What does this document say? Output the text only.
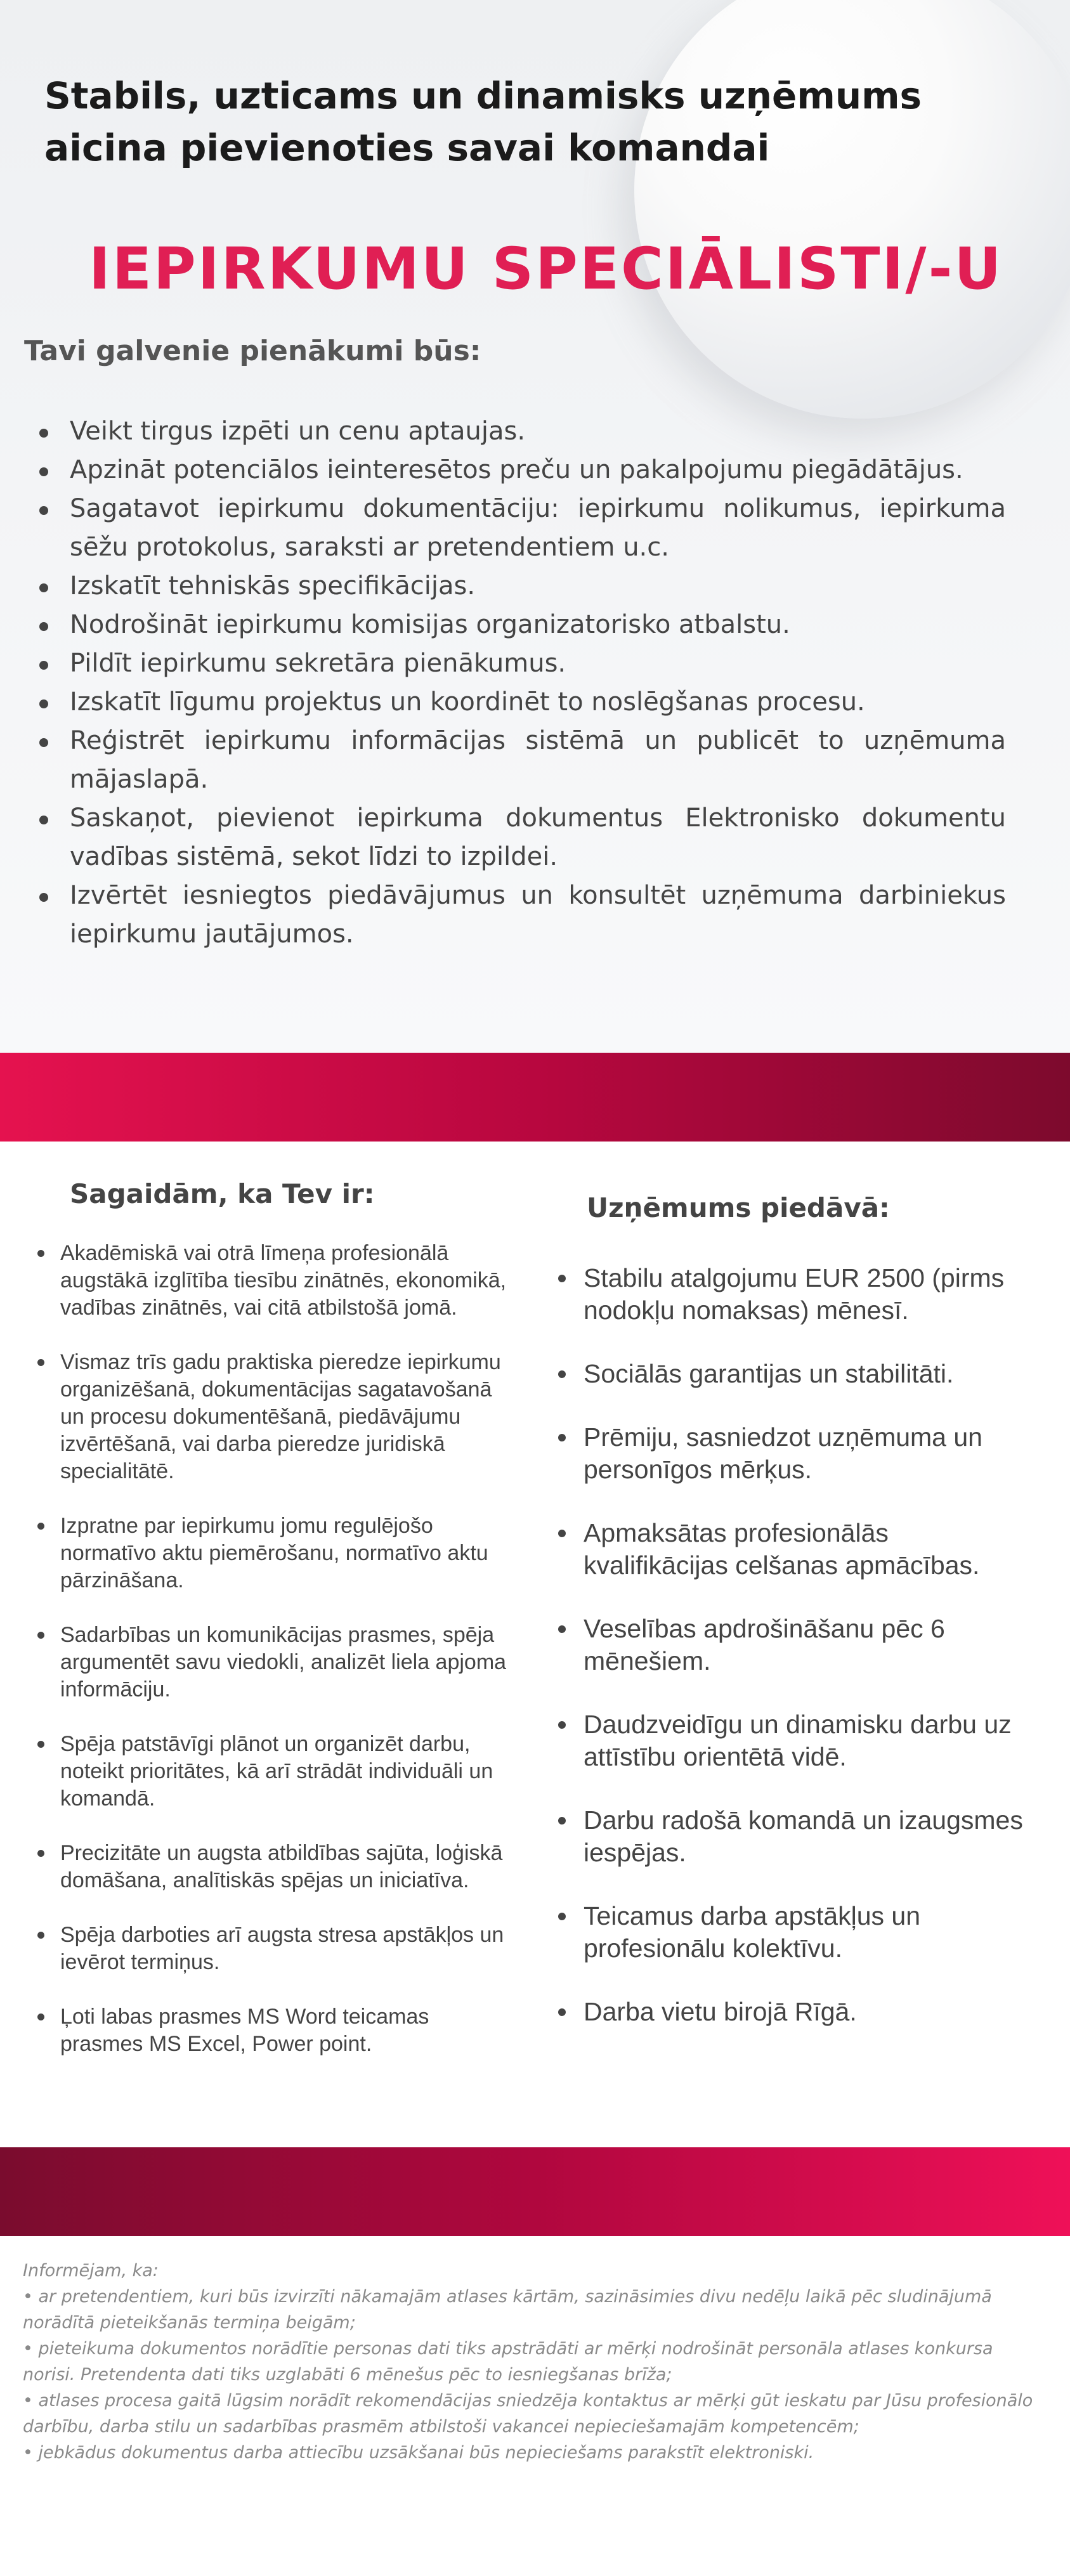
Stabils, uzticams un dinamisks uzņēmums aicina pievienoties savai komandai
IEPIRKUMU SPECIĀLISTI/-U
Tavi galvenie pienākumi būs:
Veikt tirgus izpēti un cenu aptaujas.
Apzināt potenciālos ieinteresētos preču un pakalpojumu piegādātājus.
Sagatavot iepirkumu dokumentāciju: iepirkumu nolikumus, iepirkuma sēžu protokolus, saraksti ar pretendentiem u.c.
Izskatīt tehniskās specifikācijas.
Nodrošināt iepirkumu komisijas organizatorisko atbalstu.
Pildīt iepirkumu sekretāra pienākumus.
Izskatīt līgumu projektus un koordinēt to noslēgšanas procesu.
Reģistrēt iepirkumu informācijas sistēmā un publicēt to uzņēmuma mājaslapā.
Saskaņot, pievienot iepirkuma dokumentus Elektronisko dokumentu vadības sistēmā, sekot līdzi to izpildei.
Izvērtēt iesniegtos piedāvājumus un konsultēt uzņēmuma darbiniekus iepirkumu jautājumos.
Sagaidām, ka Tev ir:
Akadēmiskā vai otrā līmeņa profesionālā augstākā izglītība tiesību zinātnēs, ekonomikā, vadības zinātnēs, vai citā atbilstošā jomā.
Vismaz trīs gadu praktiska pieredze iepirkumu organizēšanā, dokumentācijas sagatavošanā un procesu dokumentēšanā, piedāvājumu izvērtēšanā, vai darba pieredze juridiskā specialitātē.
Izpratne par iepirkumu jomu regulējošo normatīvo aktu piemērošanu, normatīvo aktu pārzināšana.
Sadarbības un komunikācijas prasmes, spēja argumentēt savu viedokli, analizēt liela apjoma informāciju.
Spēja patstāvīgi plānot un organizēt darbu, noteikt prioritātes, kā arī strādāt individuāli un komandā.
Precizitāte un augsta atbildības sajūta, loģiskā domāšana, analītiskās spējas un iniciatīva.
Spēja darboties arī augsta stresa apstākļos un ievērot termiņus.
Ļoti labas prasmes MS Word teicamas prasmes MS Excel, Power point.
Uzņēmums piedāvā:
Stabilu atalgojumu EUR 2500 (pirms nodokļu nomaksas) mēnesī.
Sociālās garantijas un stabilitāti.
Prēmiju, sasniedzot uzņēmuma un personīgos mērķus.
Apmaksātas profesionālās kvalifikācijas celšanas apmācības.
Veselības apdrošināšanu pēc 6 mēnešiem.
Daudzveidīgu un dinamisku darbu uz attīstību orientētā vidē.
Darbu radošā komandā un izaugsmes iespējas.
Teicamus darba apstākļus un profesionālu kolektīvu.
Darba vietu birojā Rīgā.

Informējam, ka:

• ar pretendentiem, kuri būs izvirzīti nākamajām atlases kārtām, sazināsimies divu nedēļu laikā pēc sludinājumā norādītā pieteikšanās termiņa beigām;

• pieteikuma dokumentos norādītie personas dati tiks apstrādāti ar mērķi nodrošināt personāla atlases konkursa norisi. Pretendenta dati tiks uzglabāti 6 mēnešus pēc to iesniegšanas brīža;

• atlases procesa gaitā lūgsim norādīt rekomendācijas sniedzēja kontaktus ar mērķi gūt ieskatu par Jūsu profesionālo darbību, darba stilu un sadarbības prasmēm atbilstoši vakancei nepieciešamajām kompetencēm;

• jebkādus dokumentus darba attiecību uzsākšanai būs nepieciešams parakstīt elektroniski.
